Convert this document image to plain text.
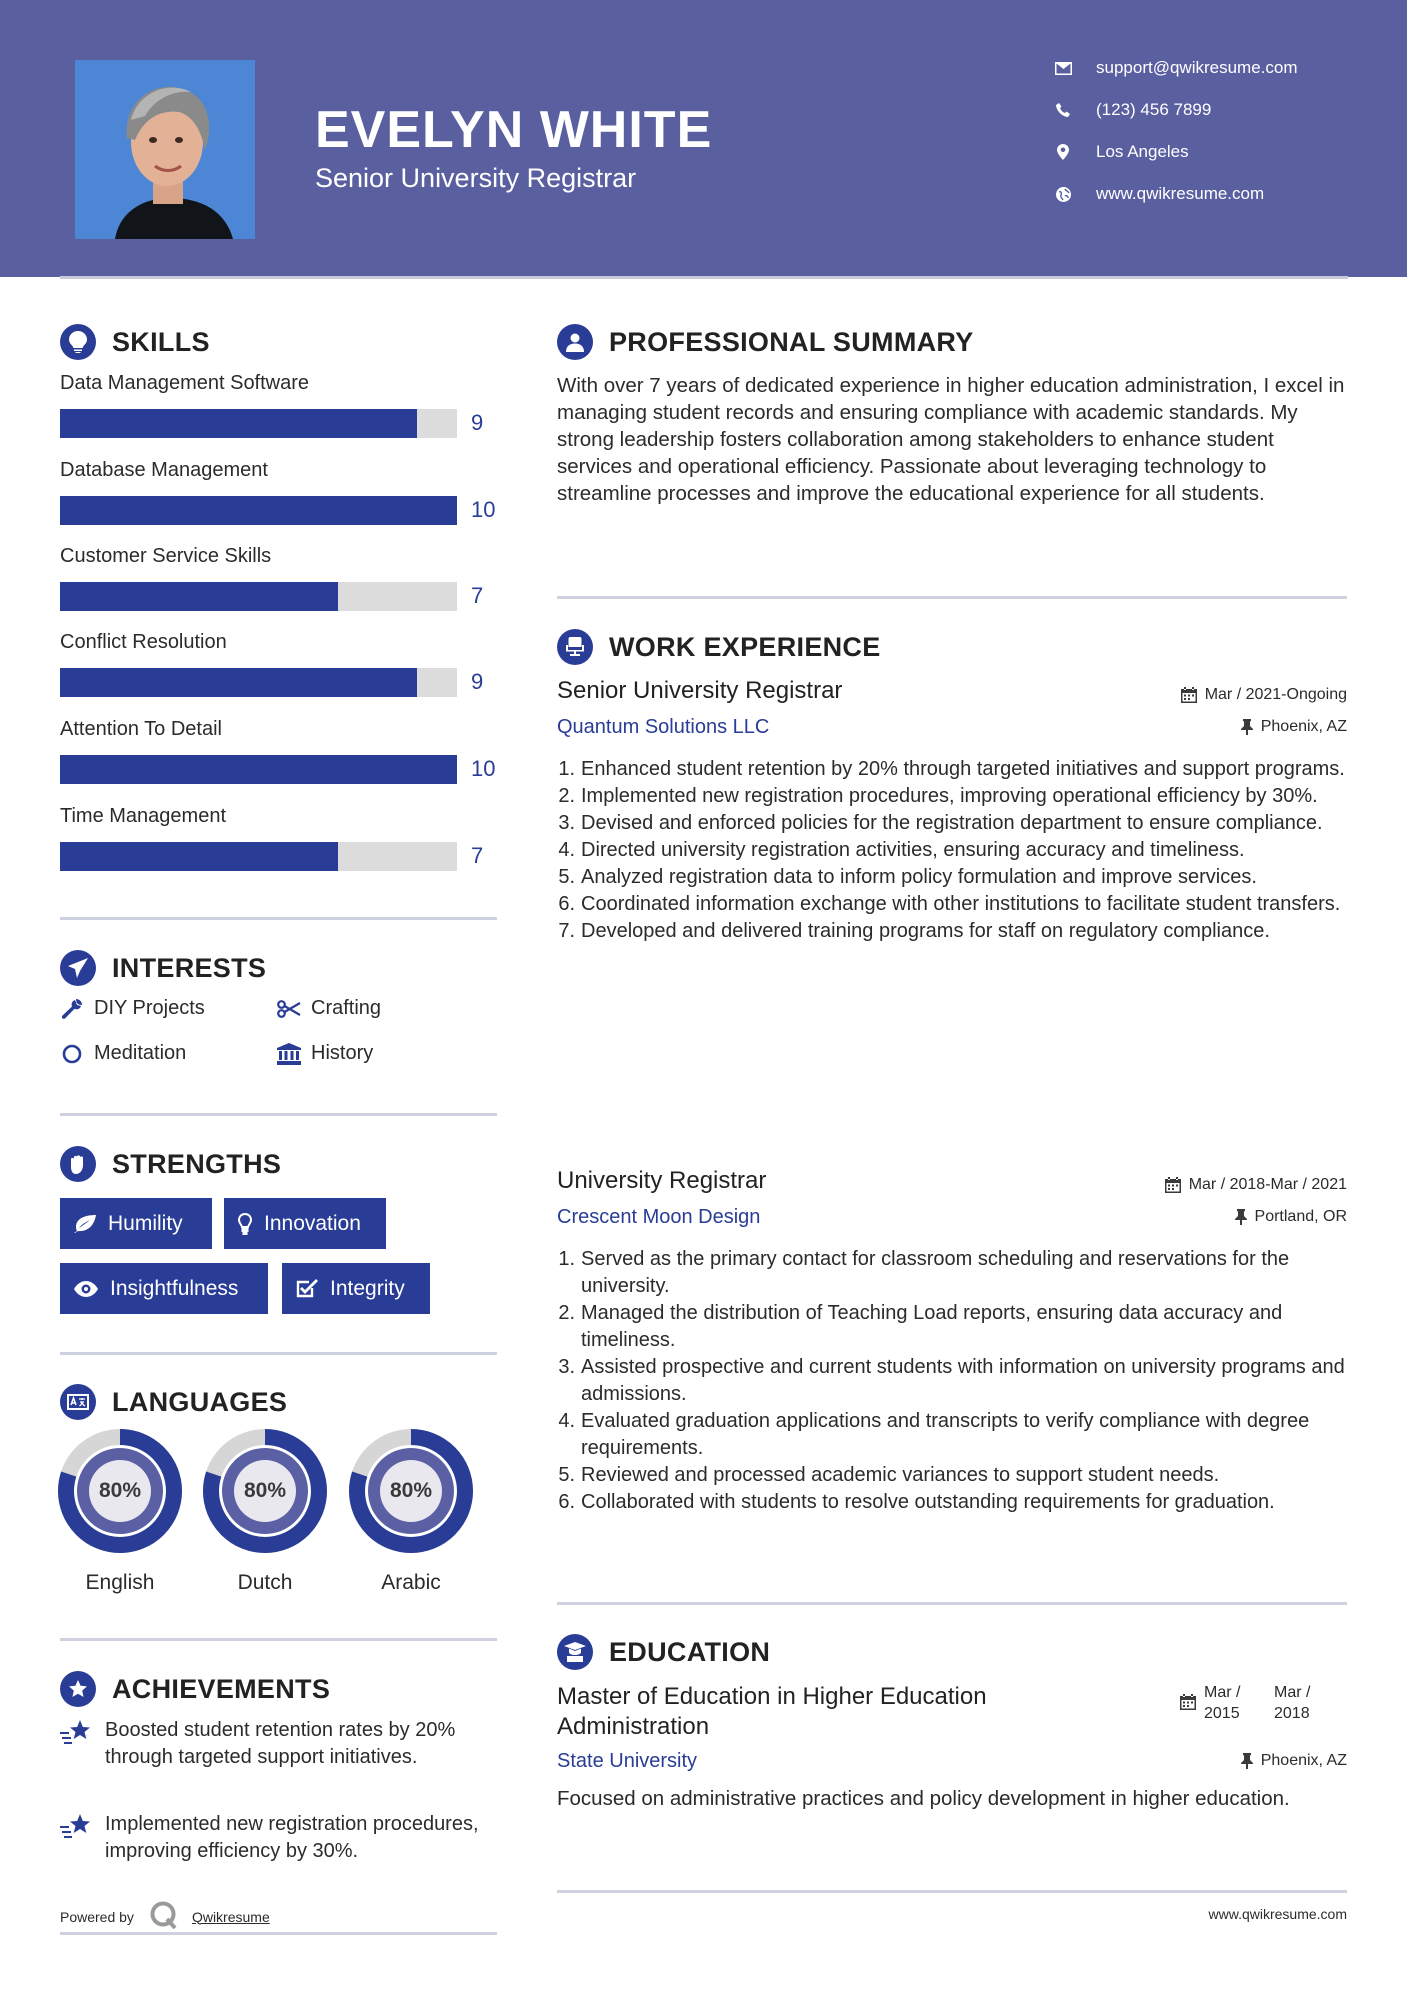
EVELYN WHITE
Senior University Registrar
support@qwikresume.com
(123) 456 7899
Los Angeles
www.qwikresume.com
SKILLS
Data Management Software
9
Database Management
10
Customer Service Skills
7
Conflict Resolution
9
Attention To Detail
10
Time Management
7
INTERESTS
DIY Projects	Crafting
Meditation	History
STRENGTHS
Humility	Innovation
Insightfulness	Integrity
LANGUAGES
80%
English
80%
Dutch
80%
Arabic
ACHIEVEMENTS
Boosted student retention rates by 20% through targeted support initiatives.
Implemented new registration procedures, improving efficiency by 30%.
Powered by	Qwikresume
PROFESSIONAL SUMMARY
With over 7 years of dedicated experience in higher education administration, I excel in managing student records and ensuring compliance with academic standards. My strong leadership fosters collaboration among stakeholders to enhance student services and operational efficiency. Passionate about leveraging technology to streamline processes and improve the educational experience for all students.
WORK EXPERIENCE
Senior University Registrar
Quantum Solutions LLC
Mar / 2021-Ongoing
Phoenix, AZ
1 . Enhanced student retention by 20% through targeted initiatives and support programs.
2 . Implemented new registration procedures, improving operational efficiency by 30%.
3 . Devised and enforced policies for the registration department to ensure compliance.
4 . Directed university registration activities, ensuring accuracy and timeliness.
5 . Analyzed registration data to inform policy formulation and improve services.
6 . Coordinated information exchange with other institutions to facilitate student transfers.
7 . Developed and delivered training programs for staff on regulatory compliance.
University Registrar
Crescent Moon Design
Mar / 2018-Mar / 2021
Portland, OR
1 . Served as the primary contact for classroom scheduling and reservations for the university.
2 . Managed the distribution of Teaching Load reports, ensuring data accuracy and timeliness.
3 . Assisted prospective and current students with information on university programs and admissions.
4 . Evaluated graduation applications and transcripts to verify compliance with degree requirements.
5 . Reviewed and processed academic variances to support student needs.
6 . Collaborated with students to resolve outstanding requirements for graduation.
EDUCATION
Master of Education in Higher Education Administration
Mar / 2015
Mar / 2018
State University	Phoenix, AZ
Focused on administrative practices and policy development in higher education.
www.qwikresume.com
